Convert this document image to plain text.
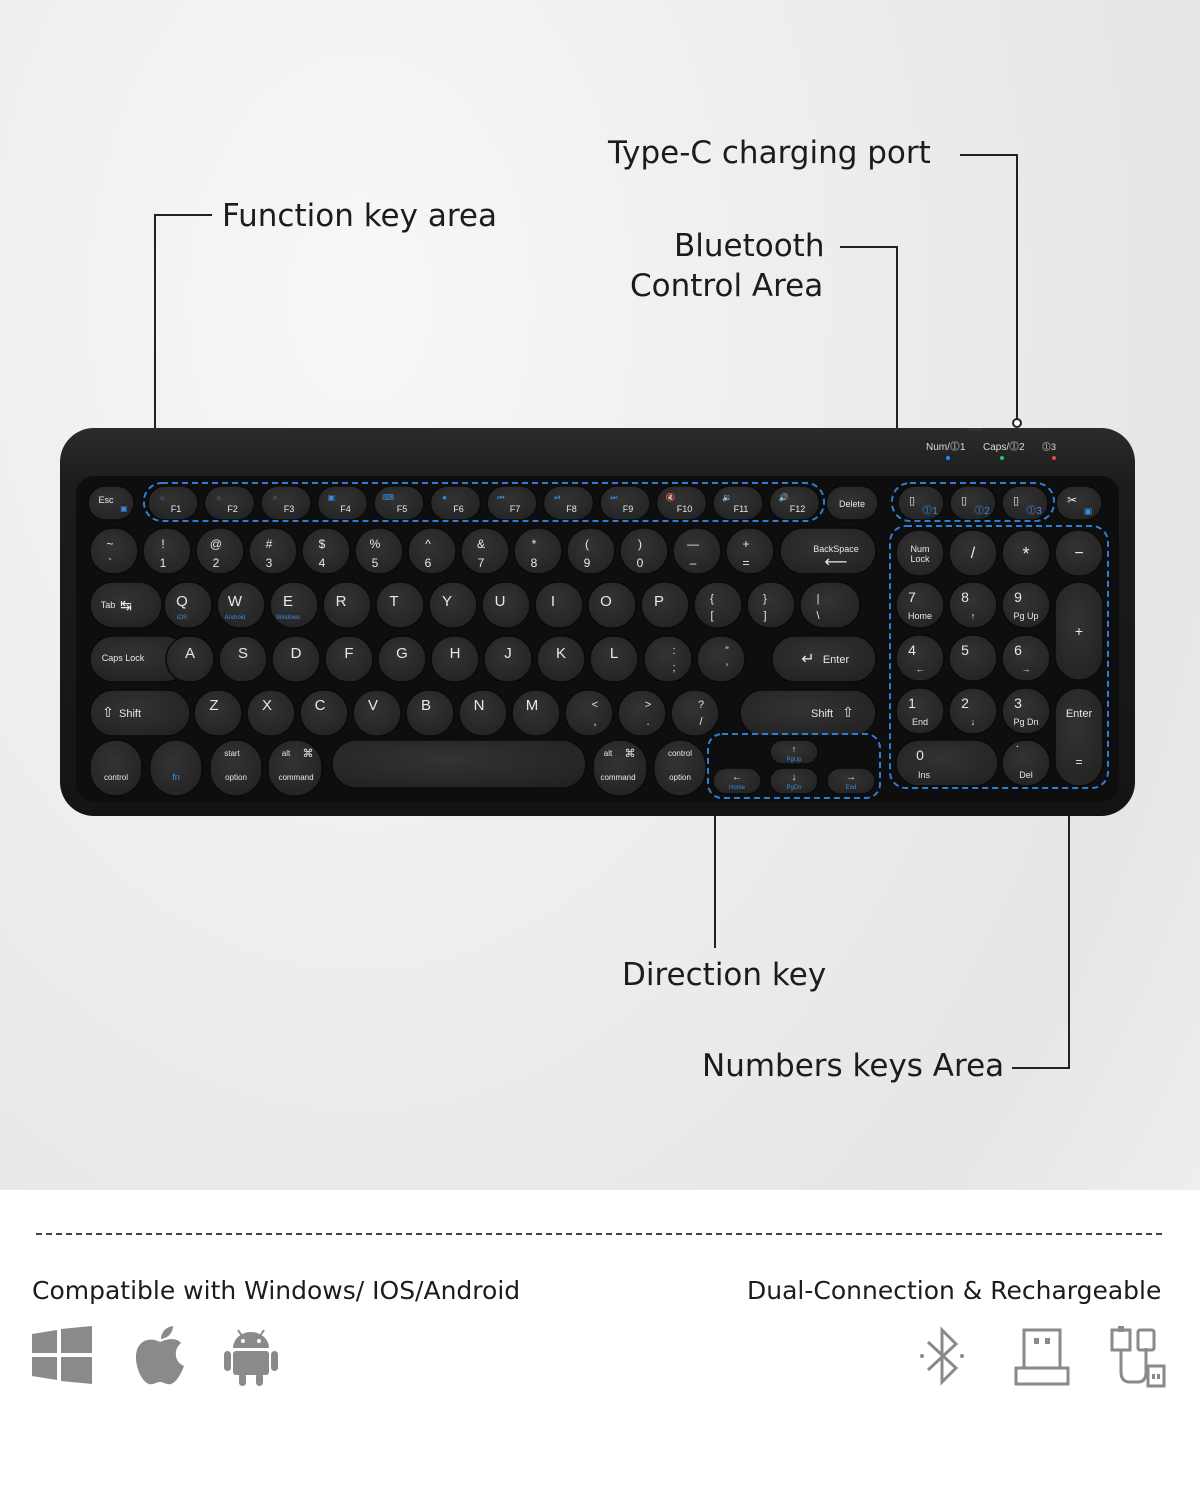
Type-C charging port
Function key area
Bluetooth
Control Area
Direction key
Numbers keys Area
Num/⓵1 Caps/⓵2 ⓵3
Esc
▣
☼
F1
☼
F2
⌕
F3
▣
F4
⌨
F5
●
F6
⏮
F7
⏯
F8
⏭
F9
🔇
F10
🔉
F11
🔊
F12	Delete	▯
⓵1
▯
⓵2
▯
⓵3
✂
▣
~
`
!
1
@
2
#
3
$
4
%
5
^
6
&
7
*
8
(
9
)
0
—
–
+
=
BackSpace
⟵
Tab ↹	Q
iOS
W
Android
E
Windows
R	T	Y	U	I	O	P	{
[
}
]
|
\
Caps Lock	A	S	D	F	G	H	J	K	L	:
;
”
’	↵ Enter
⇧ Shift	Z	X	C	V	B	N	M	<
,
>
.
?
/
Shift ⇧
control	fn
start
option
alt ⌘
command
alt ⌘
command
control
option
↑
PgUp
←
Home
↓
PgDn
→
End
Num
Lock	/	*	−
7
Home
8
↑
9
Pg Up
4
←
5	6
→
1
End
2
↓
3
Pg Dn
+
Enter
=
0
Ins
˙
Del
Compatible with Windows/ IOS/Android	Dual-Connection & Rechargeable
